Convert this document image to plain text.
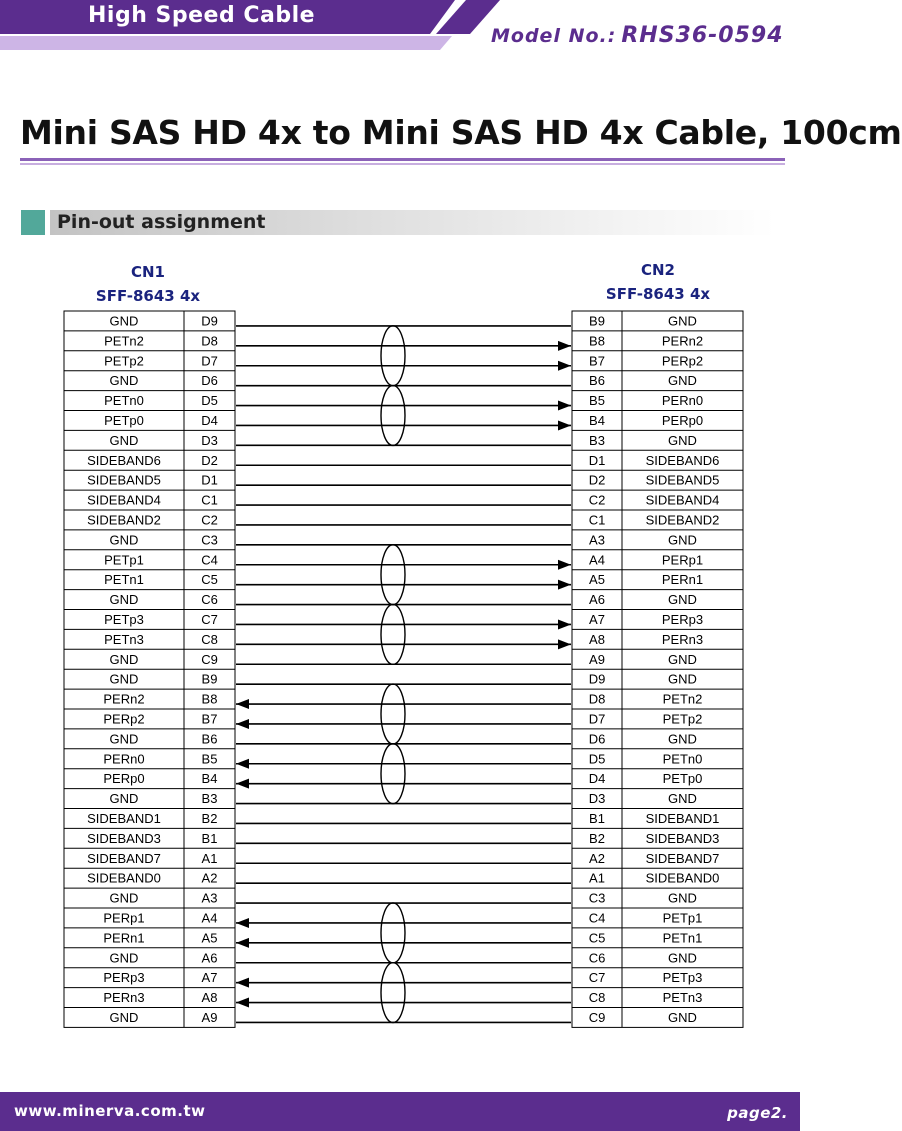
High Speed Cable
Model No.: RHS36-0594
Mini SAS HD 4x to Mini SAS HD 4x Cable, 100cm
Pin-out assignment
CN1
SFF-8643 4x
CN2
SFF-8643 4x
GND	D9	B9	GND
PETn2	D8	B8	PERn2
PETp2	D7	B7	PERp2
GND	D6	B6	GND
PETn0	D5	B5	PERn0
PETp0	D4	B4	PERp0
GND	D3	B3	GND
SIDEBAND6	D2	D1	SIDEBAND6
SIDEBAND5	D1	D2	SIDEBAND5
SIDEBAND4	C1	C2	SIDEBAND4
SIDEBAND2	C2	C1	SIDEBAND2
GND	C3	A3	GND
PETp1	C4	A4	PERp1
PETn1	C5	A5	PERn1
GND	C6	A6	GND
PETp3	C7	A7	PERp3
PETn3	C8	A8	PERn3
GND	C9	A9	GND
GND	B9	D9	GND
PERn2	B8	D8	PETn2
PERp2	B7	D7	PETp2
GND	B6	D6	GND
PERn0	B5	D5	PETn0
PERp0	B4	D4	PETp0
GND	B3	D3	GND
SIDEBAND1	B2	B1	SIDEBAND1
SIDEBAND3	B1	B2	SIDEBAND3
SIDEBAND7	A1	A2	SIDEBAND7
SIDEBAND0	A2	A1	SIDEBAND0
GND	A3	C3	GND
PERp1	A4	C4	PETp1
PERn1	A5	C5	PETn1
GND	A6	C6	GND
PERp3	A7	C7	PETp3
PERn3	A8	C8	PETn3
GND	A9	C9	GND
www.minerva.com.tw	page2.
